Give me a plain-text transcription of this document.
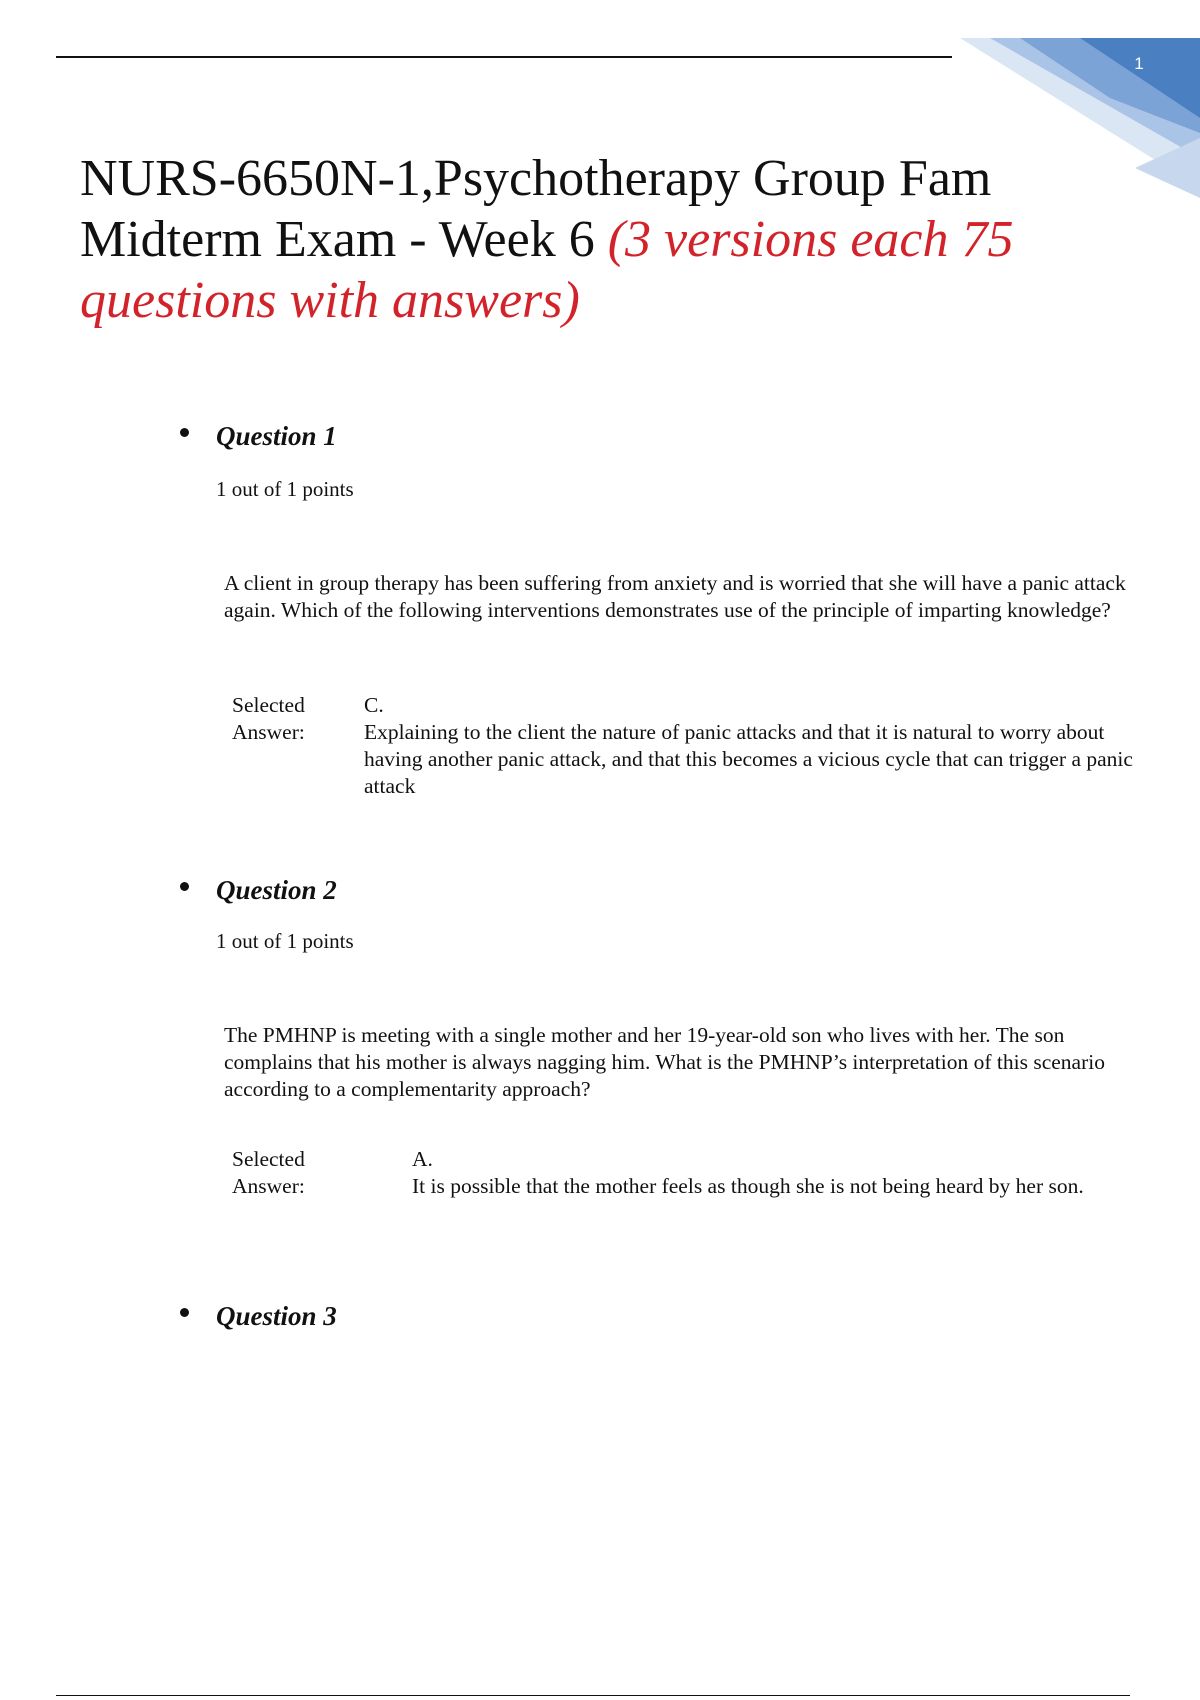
1
NURS-6650N-1,Psychotherapy Group Fam Midterm Exam - Week 6 (3 versions each 75 questions with answers)
Question 1
1 out of 1 points

A client in group therapy has been suffering from anxiety and is worried that she will have a panic attack again. Which of the following interventions demonstrates use of the principle of imparting knowledge?

Selected Answer:
C.
Explaining to the client the nature of panic attacks and that it is natural to worry about having another panic attack, and that this becomes a vicious cycle that can trigger a panic attack
Question 2
1 out of 1 points

The PMHNP is meeting with a single mother and her 19-year-old son who lives with her. The son complains that his mother is always nagging him. What is the PMHNP’s interpretation of this scenario according to a complementarity approach?

Selected Answer:
A.
It is possible that the mother feels as though she is not being heard by her son.
Question 3
